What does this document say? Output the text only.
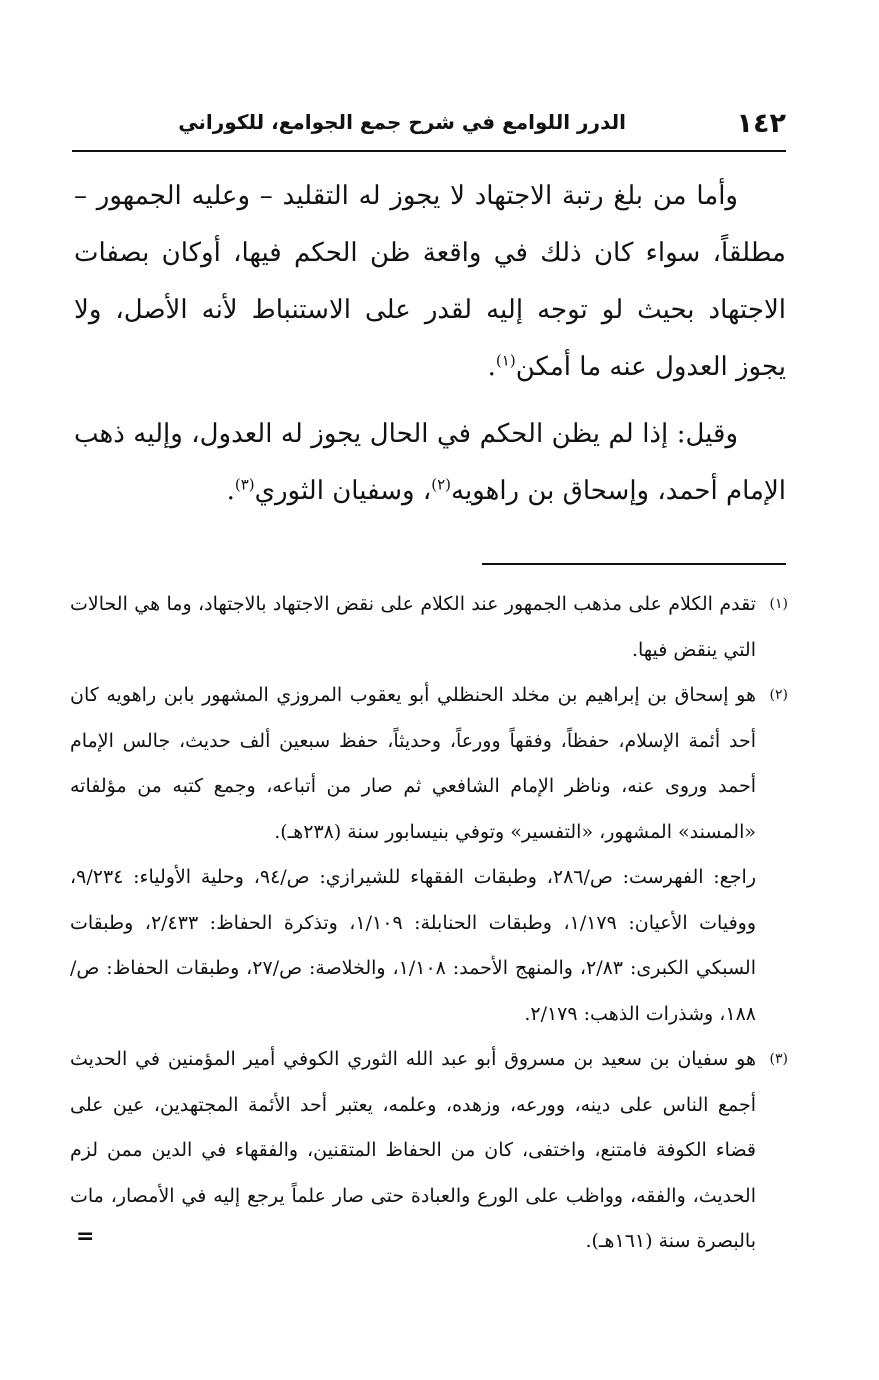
١٤٢
الدرر اللوامع في شرح جمع الجوامع، للكوراني

وأما من بلغ رتبة الاجتهاد لا يجوز له التقليد – وعليه الجمهور – مطلقاً، سواء كان ذلك في واقعة ظن الحكم فيها، أوكان بصفات الاجتهاد بحيث لو توجه إليه لقدر على الاستنباط لأنه الأصل، ولا يجوز العدول عنه ما أمكن$^{(١)}$.

وقيل: إذا لم يظن الحكم في الحال يجوز له العدول، وإليه ذهب الإمام أحمد، وإسحاق بن راهويه$^{(٢)}$، وسفيان الثوري$^{(٣)}$.

(١)
تقدم الكلام على مذهب الجمهور عند الكلام على نقض الاجتهاد بالاجتهاد، وما هي الحالات التي ينقض فيها.
(٢)
هو إسحاق بن إبراهيم بن مخلد الحنظلي أبو يعقوب المروزي المشهور بابن راهويه كان أحد أئمة الإسلام، حفظاً، وفقهاً وورعاً، وحديثاً، حفظ سبعين ألف حديث، جالس الإمام أحمد وروى عنه، وناظر الإمام الشافعي ثم صار من أتباعه، وجمع كتبه من مؤلفاته «المسند» المشهور، «التفسير» وتوفي بنيسابور سنة (٢٣٨هـ).
راجع: الفهرست: ص/٢٨٦، وطبقات الفقهاء للشيرازي: ص/٩٤، وحلية الأولياء: ٩/٢٣٤، ووفيات الأعيان: ١/١٧٩، وطبقات الحنابلة: ١/١٠٩، وتذكرة الحفاظ: ٢/٤٣٣، وطبقات السبكي الكبرى: ٢/٨٣، والمنهج الأحمد: ١/١٠٨، والخلاصة: ص/٢٧، وطبقات الحفاظ: ص/١٨٨، وشذرات الذهب: ٢/١٧٩.
(٣)
هو سفيان بن سعيد بن مسروق أبو عبد الله الثوري الكوفي أمير المؤمنين في الحديث أجمع الناس على دينه، وورعه، وزهده، وعلمه، يعتبر أحد الأئمة المجتهدين، عين على قضاء الكوفة فامتنع، واختفى، كان من الحفاظ المتقنين، والفقهاء في الدين ممن لزم الحديث، والفقه، وواظب على الورع والعبادة حتى صار علماً يرجع إليه في الأمصار، مات بالبصرة سنة (١٦١هـ).
=
